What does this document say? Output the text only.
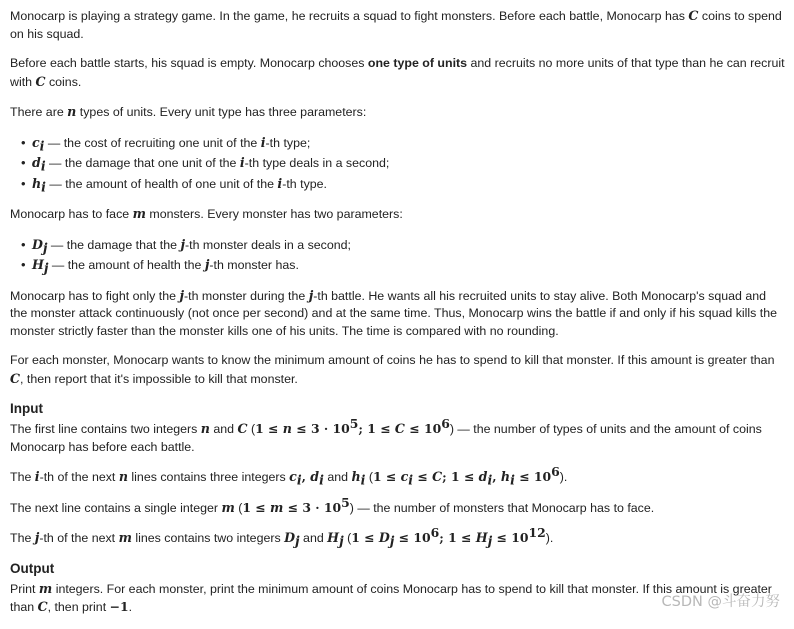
Monocarp is playing a strategy game. In the game, he recruits a squad to fight monsters. Before each battle, Monocarp has C coins to spend on his squad.

Before each battle starts, his squad is empty. Monocarp chooses one type of units and recruits no more units of that type than he can recruit with C coins.

There are n types of units. Every unit type has three parameters:

• $c_i$ — the cost of recruiting one unit of the i-th type;
• $d_i$ — the damage that one unit of the i-th type deals in a second;
• $h_i$ — the amount of health of one unit of the i-th type.

Monocarp has to face m monsters. Every monster has two parameters:

• $D_j$ — the damage that the j-th monster deals in a second;
• $H_j$ — the amount of health the j-th monster has.

Monocarp has to fight only the j-th monster during the j-th battle. He wants all his recruited units to stay alive. Both Monocarp's squad and the monster attack continuously (not once per second) and at the same time. Thus, Monocarp wins the battle if and only if his squad kills the monster strictly faster than the monster kills one of his units. The time is compared with no rounding.

For each monster, Monocarp wants to know the minimum amount of coins he has to spend to kill that monster. If this amount is greater than C, then report that it's impossible to kill that monster.

Input

The first line contains two integers n and C ($1 \le n \le 3 \cdot 10^5$; $1 \le C \le 10^6$) — the number of types of units and the amount of coins Monocarp has before each battle.

The i-th of the next n lines contains three integers $c_i$, $d_i$ and $h_i$ ($1 \le c_i \le C$; $1 \le d_i$, $h_i \le 10^6$).

The next line contains a single integer m $(1 \le m \le 3 \cdot 10^5)$ — the number of monsters that Monocarp has to face.

The j-th of the next m lines contains two integers $D_j$ and $H_j$ ($1 \le D_j \le 10^6$; $1 \le H_j \le 10^{12}$).

Output

Print m integers. For each monster, print the minimum amount of coins Monocarp has to spend to kill that monster. If this amount is greater than C, then print −1.	CSDN @斗奋力努
